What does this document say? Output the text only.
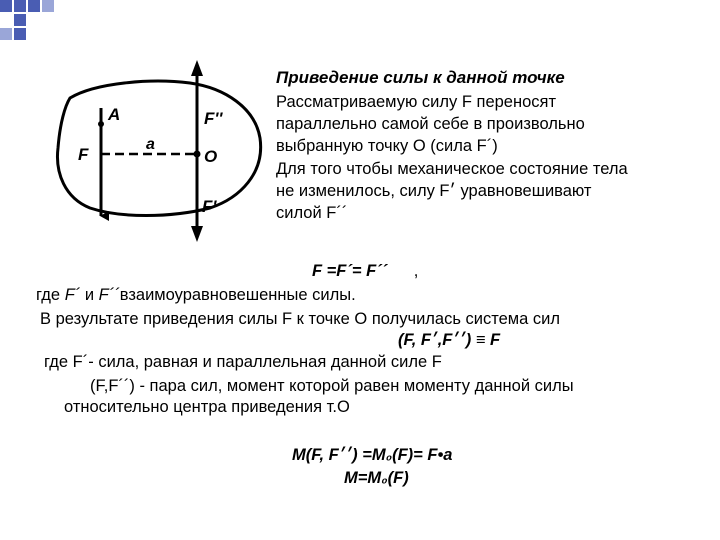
A
F
a
O
F''
F'
Приведение силы к данной точке
Рассматриваемую силу F переносят
параллельно самой себе в произвольно
выбранную точку О (сила F´)
Для того чтобы механическое состояние тела
не изменилось, силу F׳ уравновешивают
силой F´´
F =F´= F´´ ,
где F´ и F´´взаимоуравновешенные силы.
В результате приведения силы F к точке О получилась система сил
(F, F׳,F׳׳) ≡ F
где F´- сила, равная и параллельная данной силе F
(F,F´´) - пара сил, момент которой равен моменту данной силы
относительно центра приведения т.О
M(F, F׳׳) =M₀(F)= F•a
M=M₀(F)
